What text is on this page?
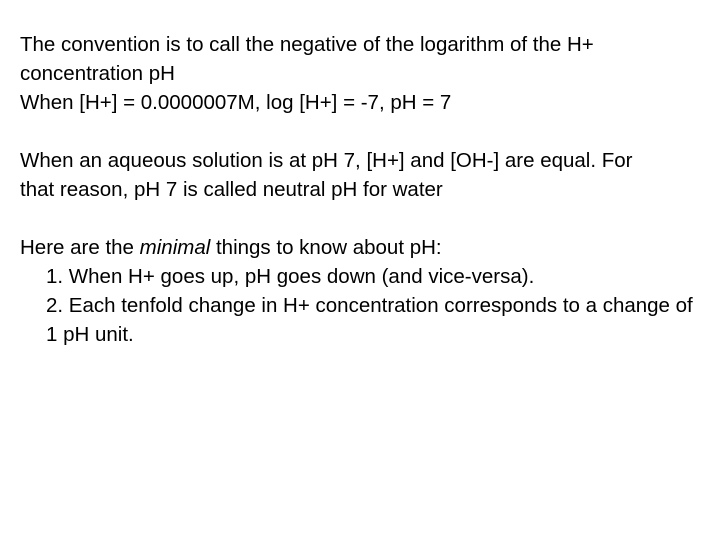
The convention is to call the negative of the logarithm of the H+
concentration pH
When [H+] = 0.0000007M, log [H+] = -7, pH = 7
When an aqueous solution is at pH 7, [H+] and [OH-] are equal. For
that reason, pH 7 is called neutral pH for water
Here are the minimal things to know about pH:
1. When H+ goes up, pH goes down (and vice-versa).
2. Each tenfold change in H+ concentration corresponds to a change of 1 pH unit.
